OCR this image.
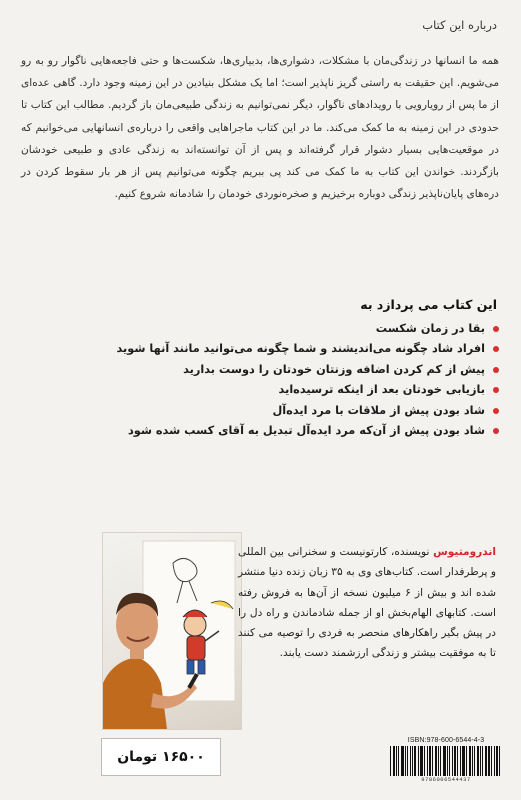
درباره این کتاب

همه ما انسانها در زندگی‌مان با مشکلات، دشواری‌ها، بدبیاری‌ها، شکست‌ها و حتی فاجعه‌هایی ناگوار رو به رو می‌شویم. این حقیقت به راستی گریز ناپذیر است؛ اما یک مشکل بنیادین در این زمینه وجود دارد. گاهی عده‌ای از ما پس از رویارویی با رویدادهای ناگوار، دیگر نمی‌توانیم به زندگی طبیعی‌مان باز گردیم. مطالب این کتاب تا حدودی در این زمینه به ما کمک می‌کند. ما در این کتاب ماجراهایی واقعی را درباره‌ی انسانهایی می‌خوانیم که در موقعیت‌هایی بسیار دشوار قرار گرفته‌اند و پس از آن توانسته‌اند به زندگی عادی و طبیعی خودشان بازگردند. خواندن این کتاب به ما کمک می کند پی ببریم چگونه می‌توانیم پس از هر بار سقوط کردن در دره‌های پایان‌ناپذیر زندگی دوباره برخیزیم و صخره‌نوردی خودمان را شادمانه شروع کنیم.

این کتاب می پردازد به
بقا در زمان شکست
افراد شاد چگونه می‌اندیشند و شما چگونه می‌توانید مانند آنها شوید
پیش از کم کردن اضافه وزنتان خودتان را دوست بدارید
بازیابی خودتان بعد از اینکه ترسیده‌اید
شاد بودن پیش از ملاقات با مرد ایده‌آل
شاد بودن پیش از آن‌که مرد ایده‌آل تبدیل به آقای کسب شده شود
اندرومتیوس نویسنده، کارتونیست و سخنرانی بین المللی و پرطرفدار است. کتاب‌های وی به ۳۵ زبان زنده دنیا منتشر شده اند و بیش از ۶ میلیون نسخه از آن‌ها به فروش رفته است. کتابهای الهام‌بخش او از جمله شادماندن و راه دل را در پیش بگیر راهکارهای منحصر به فردی را توصیه می کنند تا به موفقیت بیشتر و زندگی ارزشمند دست یابند.
۱۶۵۰۰ تومان
ISBN:978-600-6544-4-3
9786006544437
